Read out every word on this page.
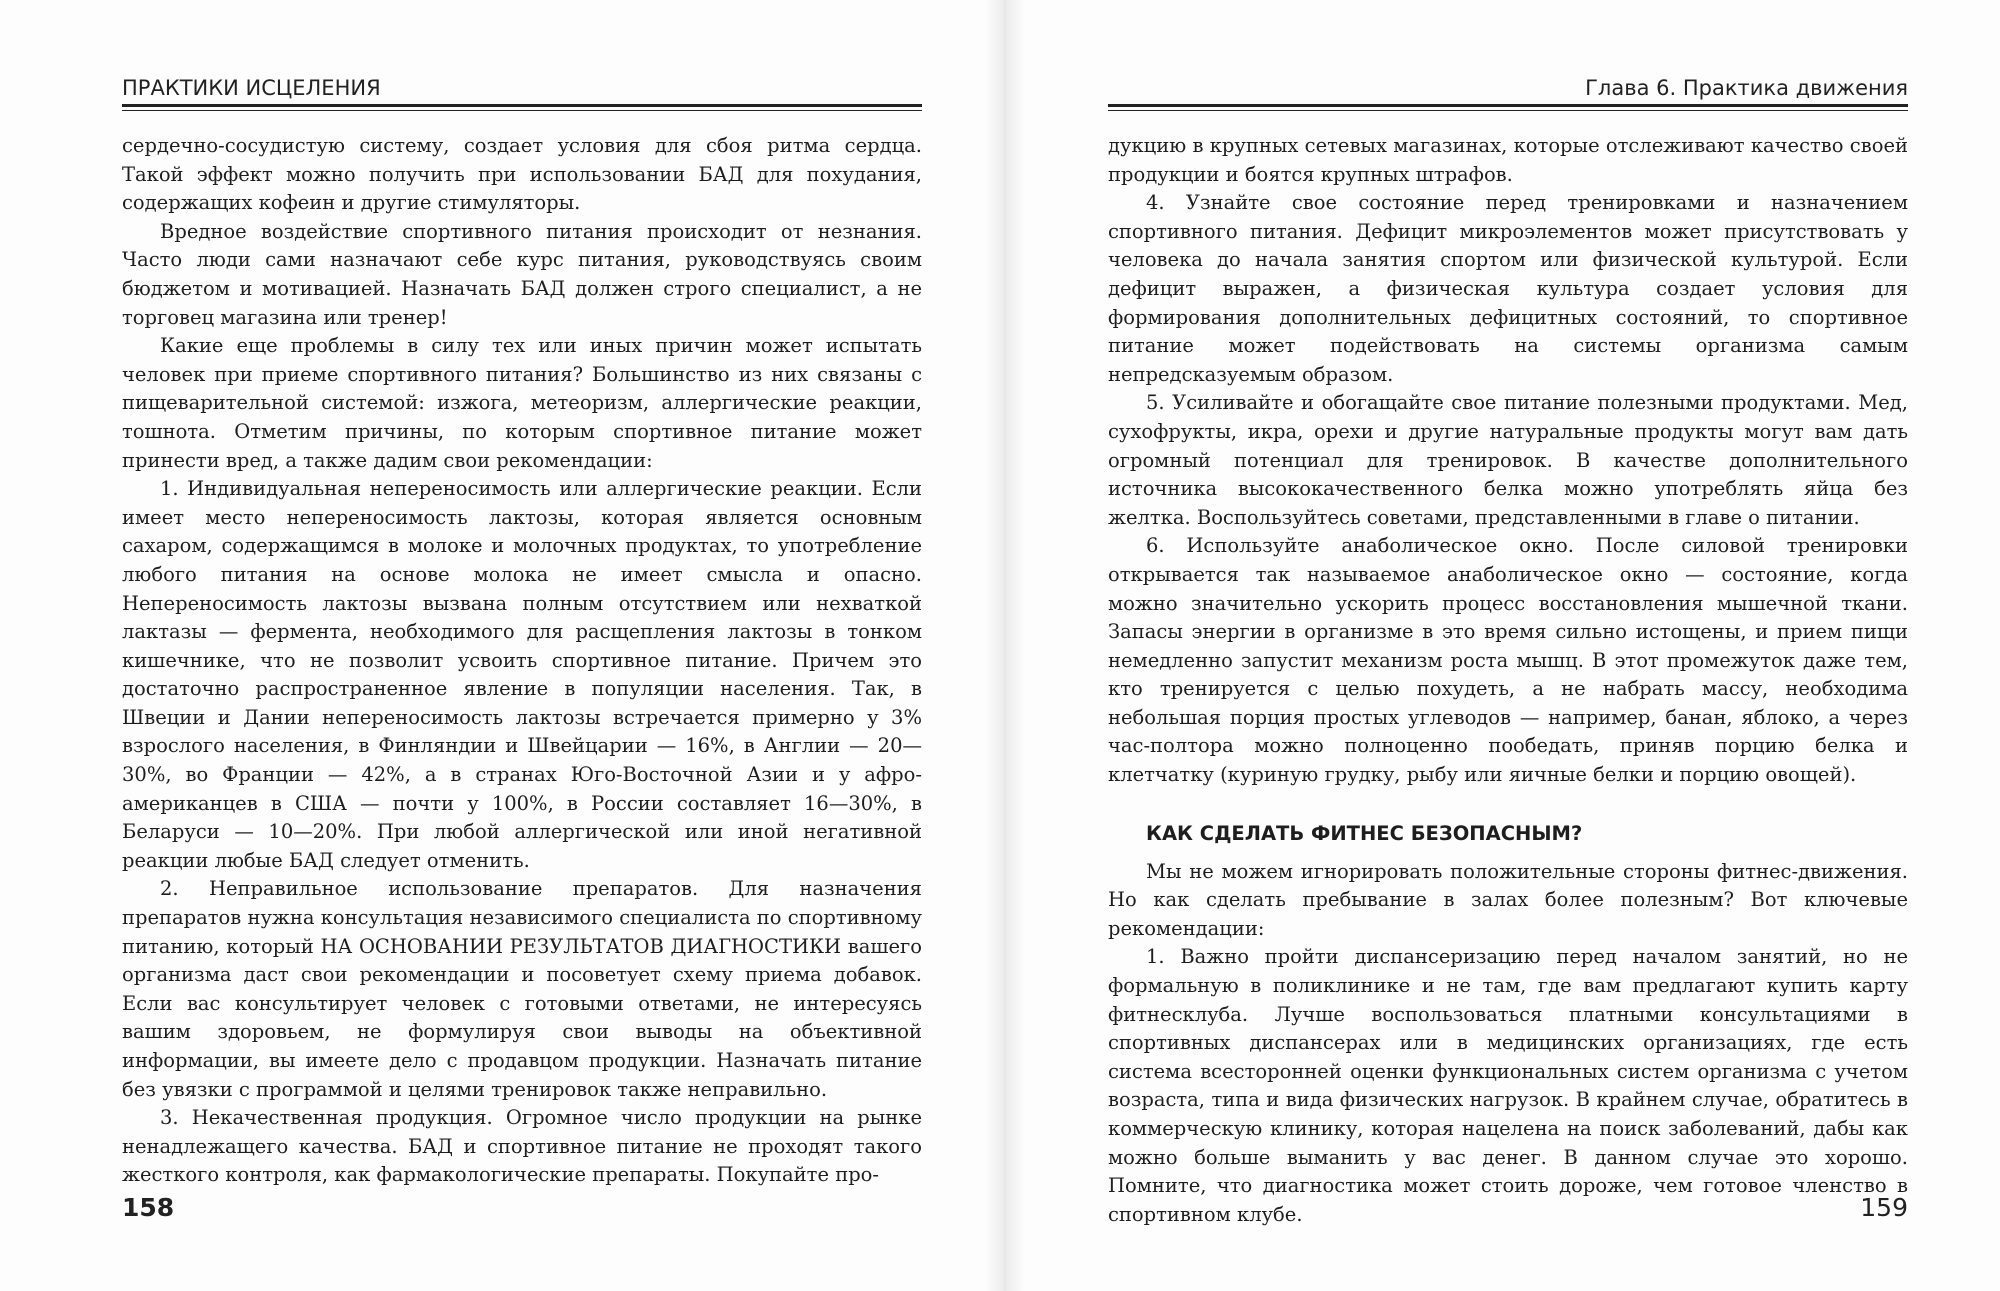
ПРАКТИКИ ИСЦЕЛЕНИЯ

сердечно-сосудистую систему, создает условия для сбоя ритма сердца. Такой эффект можно получить при использовании БАД для похудания, содержащих кофеин и другие стимуляторы.

Вредное воздействие спортивного питания происходит от незнания. Часто люди сами назначают себе курс питания, руководствуясь своим бюджетом и мотивацией. Назначать БАД должен строго специалист, а не торговец магазина или тренер!

Какие еще проблемы в силу тех или иных причин может испытать человек при приеме спортивного питания? Большинство из них связаны с пищеварительной системой: изжога, метеоризм, аллергические реакции, тошнота. Отметим причины, по которым спортивное питание может принести вред, а также дадим свои рекомендации:

1. Индивидуальная непереносимость или аллергические реакции. Если имеет место непереносимость лактозы, которая является основным сахаром, содержащимся в молоке и молочных продуктах, то употребление любого питания на основе молока не имеет смысла и опасно. Непереносимость лактозы вызвана полным отсутствием или нехваткой лактазы — фермента, необходимого для расщепления лактозы в тонком кишечнике, что не позволит усвоить спортивное питание. Причем это достаточно распространенное явление в популяции населения. Так, в Швеции и Дании непереносимость лактозы встречается примерно у 3% взрослого населения, в Финляндии и Швейцарии — 16%, в Англии — 20—30%, во Франции — 42%, а в странах Юго-Восточной Азии и у афро-американцев в США — почти у 100%, в России составляет 16—30%, в Беларуси — 10—20%. При любой аллергической или иной негативной реакции любые БАД следует отменить.

2. Неправильное использование препаратов. Для назначения препаратов нужна консультация независимого специалиста по спортивному питанию, который НА ОСНОВАНИИ РЕЗУЛЬТАТОВ ДИАГНОСТИКИ вашего организма даст свои рекомендации и посоветует схему приема добавок. Если вас консультирует человек с готовыми ответами, не интересуясь вашим здоровьем, не формулируя свои выводы на объективной информации, вы имеете дело с продавцом продукции. Назначать питание без увязки с программой и целями тренировок также неправильно.

3. Некачественная продукция. Огромное число продукции на рынке ненадлежащего качества. БАД и спортивное питание не проходят такого жесткого контроля, как фармакологические препараты. Покупайте про-

158
Глава 6. Практика движения

дукцию в крупных сетевых магазинах, которые отслеживают качество своей продукции и боятся крупных штрафов.

4. Узнайте свое состояние перед тренировками и назначением спортивного питания. Дефицит микроэлементов может присутствовать у человека до начала занятия спортом или физической культурой. Если дефицит выражен, а физическая культура создает условия для формирования дополнительных дефицитных состояний, то спортивное питание может подействовать на системы организма самым непредсказуемым образом.

5. Усиливайте и обогащайте свое питание полезными продуктами. Мед, сухофрукты, икра, орехи и другие натуральные продукты могут вам дать огромный потенциал для тренировок. В качестве дополнительного источника высококачественного белка можно употреблять яйца без желтка. Воспользуйтесь советами, представленными в главе о питании.

6. Используйте анаболическое окно. После силовой тренировки открывается так называемое анаболическое окно — состояние, когда можно значительно ускорить процесс восстановления мышечной ткани. Запасы энергии в организме в это время сильно истощены, и прием пищи немедленно запустит механизм роста мышц. В этот промежуток даже тем, кто тренируется с целью похудеть, а не набрать массу, необходима небольшая порция простых углеводов — например, банан, яблоко, а через час-полтора можно полноценно пообедать, приняв порцию белка и клетчатку (куриную грудку, рыбу или яичные белки и порцию овощей).

КАК СДЕЛАТЬ ФИТНЕС БЕЗОПАСНЫМ?

Мы не можем игнорировать положительные стороны фитнес-движения. Но как сделать пребывание в залах более полезным? Вот ключевые рекомендации:

1. Важно пройти диспансеризацию перед началом занятий, но не формальную в поликлинике и не там, где вам предлагают купить карту фитнесклуба. Лучше воспользоваться платными консультациями в спортивных диспансерах или в медицинских организациях, где есть система всесторонней оценки функциональных систем организма с учетом возраста, типа и вида физических нагрузок. В крайнем случае, обратитесь в коммерческую клинику, которая нацелена на поиск заболеваний, дабы как можно больше выманить у вас денег. В данном случае это хорошо. Помните, что диагностика может стоить дороже, чем готовое членство в спортивном клубе.	159
